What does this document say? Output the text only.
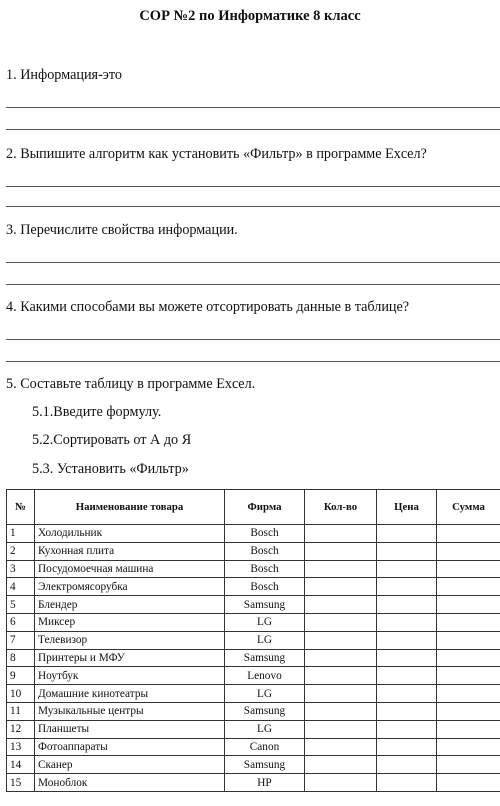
СОР №2 по Информатике 8 класс
1. Информация-это
2. Выпишите алгоритм как установить «Фильтр» в программе Excел?
3. Перечислите свойства информации.
4. Какими способами вы можете отсортировать данные в таблице?
5. Составьте таблицу в программе Excел.
5.1.Введите формулу.
5.2.Сортировать от А до Я
5.3. Установить «Фильтр»
№	Наименование товара	Фирма	Кол-во	Цена	Сумма
1	Холодильник	Bosch			
2	Кухонная плита	Bosch			
3	Посудомоечная машина	Bosch			
4	Электромясорубка	Bosch			
5	Блендер	Samsung			
6	Миксер	LG			
7	Телевизор	LG			
8	Принтеры и МФУ	Samsung			
9	Ноутбук	Lenovo			
10	Домашние кинотеатры	LG			
11	Музыкальные центры	Samsung			
12	Планшеты	LG			
13	Фотоаппараты	Canon			
14	Сканер	Samsung			
15	Моноблок	HP			
